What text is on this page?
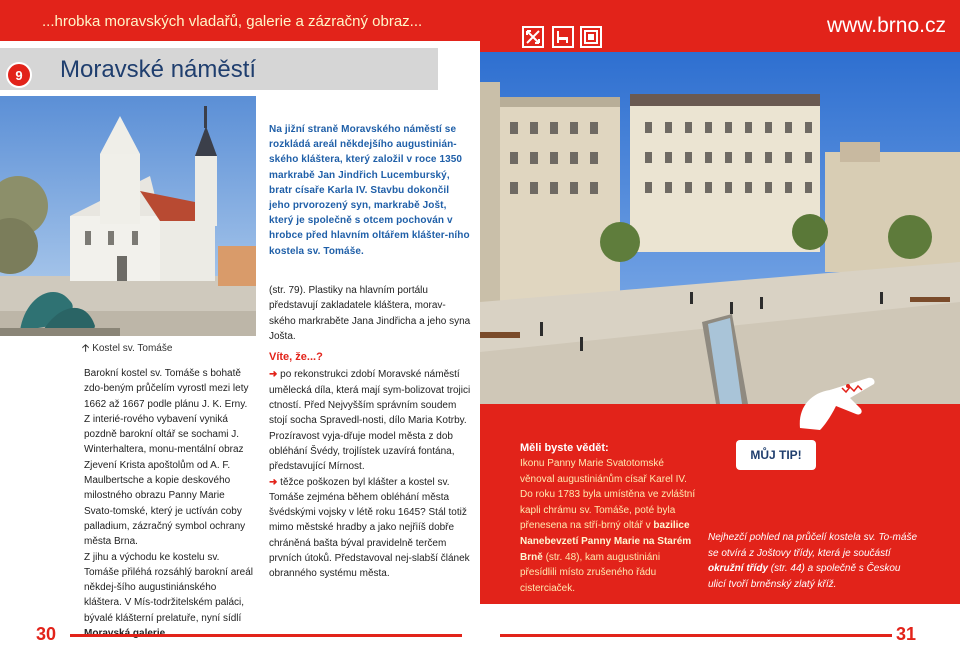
...hrobka moravských vladařů, galerie a zázračný obraz...
9	Moravské náměstí
www.brno.cz
🡡 Kostel sv. Tomáše
Na jižní straně Moravského náměstí se rozkládá areál někdejšího augustinián-ského kláštera, který založil v roce 1350 markrabě Jan Jindřich Lucemburský, bratr císaře Karla IV. Stavbu dokončil jeho prvorozený syn, markrabě Jošt, který je společně s otcem pochován v hrobce před hlavním oltářem klášter-ního kostela sv. Tomáše.

Barokní kostel sv. Tomáše s bohatě zdo-beným průčelím vyrostl mezi lety 1662 až 1667 podle plánu J. K. Erny. Z interié-rového vybavení vyniká pozdně barokní oltář se sochami J. Winterhaltera, monu-mentální obraz Zjevení Krista apoštolům od A. F. Maulbertsche a kopie deskového milostného obrazu Panny Marie Svato-tomské, který je uctíván coby palladium, zázračný symbol ochrany města Brna.

Z jihu a východu ke kostelu sv. Tomáše přiléhá rozsáhlý barokní areál někdej-šího augustiniánského kláštera. V Mís-todržitelském paláci, bývalé klášterní prelatuře, nyní sídlí

(str. 79). Plastiky na hlavním portálu představují zakladatele kláštera, morav-ského markraběte Jana Jindřicha a jeho syna Jošta.

Víte, že...?

➜ po rekonstrukci zdobí Moravské náměstí umělecká díla, která mají sym-bolizovat trojici ctností. Před Nejvyšším správním soudem stojí socha Spravedl-nosti, dílo Maria Kotrby. Prozíravost vyja-dřuje model města z dob obléhání Švédy, trojlístek uzavírá fontána, představující Mírnost.

➜ těžce poškozen byl klášter a kostel sv. Tomáše zejména během obléhání města švédskými vojsky v létě roku 1645? Stál totiž mimo městské hradby a jako nejřiíš dobře chráněná bašta býval pravidelně terčem prvních útoků. Představoval nej-slabší článek obranného systému města.

Měli byste vědět:
Ikonu Panny Marie Svatotomské věnoval augustiniánům císař Karel IV. Do roku 1783 byla umístěna ve zvláštní kapli chrámu sv. Tomáše, poté byla přenesena na stří-brný oltář v bazilice Nanebevzetí Panny Marie na Starém Brně (str. 48), kam augustiniáni přesídlili místo zrušeného řádu cisterciaček.
MŮJ TIP!
Nejhezčí pohled na průčelí kostela sv. To-máše se otvírá z Joštovy třídy, která je součástí okružní třídy (str. 44) a společně s Českou ulicí tvoří brněnský zlatý kříž.
30	31
